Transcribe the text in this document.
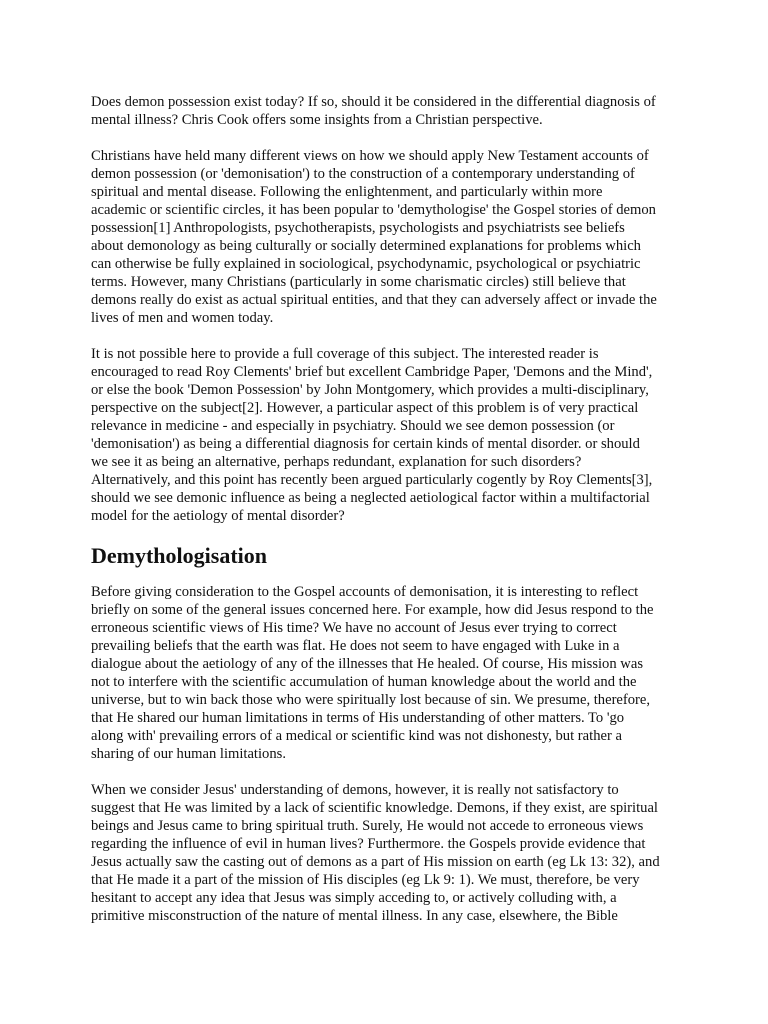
Does demon possession exist today? If so, should it be considered in the differential diagnosis of
mental illness? Chris Cook offers some insights from a Christian perspective.

Christians have held many different views on how we should apply New Testament accounts of
demon possession (or 'demonisation') to the construction of a contemporary understanding of
spiritual and mental disease. Following the enlightenment, and particularly within more
academic or scientific circles, it has been popular to 'demythologise' the Gospel stories of demon
possession[1] Anthropologists, psychotherapists, psychologists and psychiatrists see beliefs
about demonology as being culturally or socially determined explanations for problems which
can otherwise be fully explained in sociological, psychodynamic, psychological or psychiatric
terms. However, many Christians (particularly in some charismatic circles) still believe that
demons really do exist as actual spiritual entities, and that they can adversely affect or invade the
lives of men and women today.

It is not possible here to provide a full coverage of this subject. The interested reader is
encouraged to read Roy Clements' brief but excellent Cambridge Paper, 'Demons and the Mind',
or else the book 'Demon Possession' by John Montgomery, which provides a multi-disciplinary,
perspective on the subject[2]. However, a particular aspect of this problem is of very practical
relevance in medicine - and especially in psychiatry. Should we see demon possession (or
'demonisation') as being a differential diagnosis for certain kinds of mental disorder. or should
we see it as being an alternative, perhaps redundant, explanation for such disorders?
Alternatively, and this point has recently been argued particularly cogently by Roy Clements[3],
should we see demonic influence as being a neglected aetiological factor within a multifactorial
model for the aetiology of mental disorder?

Demythologisation

Before giving consideration to the Gospel accounts of demonisation, it is interesting to reflect
briefly on some of the general issues concerned here. For example, how did Jesus respond to the
erroneous scientific views of His time? We have no account of Jesus ever trying to correct
prevailing beliefs that the earth was flat. He does not seem to have engaged with Luke in a
dialogue about the aetiology of any of the illnesses that He healed. Of course, His mission was
not to interfere with the scientific accumulation of human knowledge about the world and the
universe, but to win back those who were spiritually lost because of sin. We presume, therefore,
that He shared our human limitations in terms of His understanding of other matters. To 'go
along with' prevailing errors of a medical or scientific kind was not dishonesty, but rather a
sharing of our human limitations.

When we consider Jesus' understanding of demons, however, it is really not satisfactory to
suggest that He was limited by a lack of scientific knowledge. Demons, if they exist, are spiritual
beings and Jesus came to bring spiritual truth. Surely, He would not accede to erroneous views
regarding the influence of evil in human lives? Furthermore. the Gospels provide evidence that
Jesus actually saw the casting out of demons as a part of His mission on earth (eg Lk 13: 32), and
that He made it a part of the mission of His disciples (eg Lk 9: 1). We must, therefore, be very
hesitant to accept any idea that Jesus was simply acceding to, or actively colluding with, a
primitive misconstruction of the nature of mental illness. In any case, elsewhere, the Bible
